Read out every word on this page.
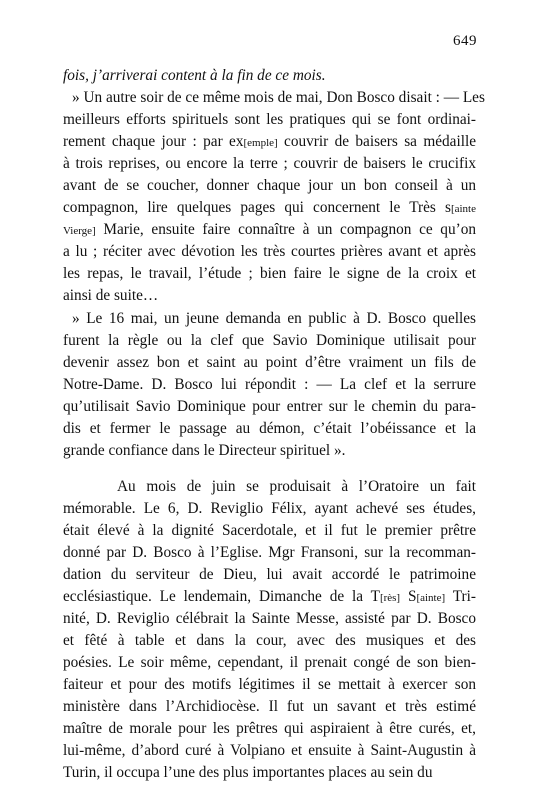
649
fois, j’arriverai content à la fin de ce mois.
» Un autre soir de ce même mois de mai, Don Bosco disait : — Les
meilleurs efforts spirituels sont les pratiques qui se font ordinai-
rement chaque jour : par ex[emple] couvrir de baisers sa médaille
à trois reprises, ou encore la terre ; couvrir de baisers le crucifix
avant de se coucher, donner chaque jour un bon conseil à un
compagnon, lire quelques pages qui concernent le Très s[ainte
Vierge] Marie, ensuite faire connaître à un compagnon ce qu’on
a lu ; réciter avec dévotion les très courtes prières avant et après
les repas, le travail, l’étude ; bien faire le signe de la croix et
ainsi de suite…
» Le 16 mai, un jeune demanda en public à D. Bosco quelles
furent la règle ou la clef que Savio Dominique utilisait pour
devenir assez bon et saint au point d’être vraiment un fils de
Notre-Dame. D. Bosco lui répondit : — La clef et la serrure
qu’utilisait Savio Dominique pour entrer sur le chemin du para-
dis et fermer le passage au démon, c’était l’obéissance et la
grande confiance dans le Directeur spirituel ».
Au mois de juin se produisait à l’Oratoire un fait
mémorable. Le 6, D. Reviglio Félix, ayant achevé ses études,
était élevé à la dignité Sacerdotale, et il fut le premier prêtre
donné par D. Bosco à l’Eglise. Mgr Fransoni, sur la recomman-
dation du serviteur de Dieu, lui avait accordé le patrimoine
ecclésiastique. Le lendemain, Dimanche de la T[rès] S[ainte] Tri-
nité, D. Reviglio célébrait la Sainte Messe, assisté par D. Bosco
et fêté à table et dans la cour, avec des musiques et des
poésies. Le soir même, cependant, il prenait congé de son bien-
faiteur et pour des motifs légitimes il se mettait à exercer son
ministère dans l’Archidiocèse. Il fut un savant et très estimé
maître de morale pour les prêtres qui aspiraient à être curés, et,
lui-même, d’abord curé à Volpiano et ensuite à Saint-Augustin à
Turin, il occupa l’une des plus importantes places au sein du
